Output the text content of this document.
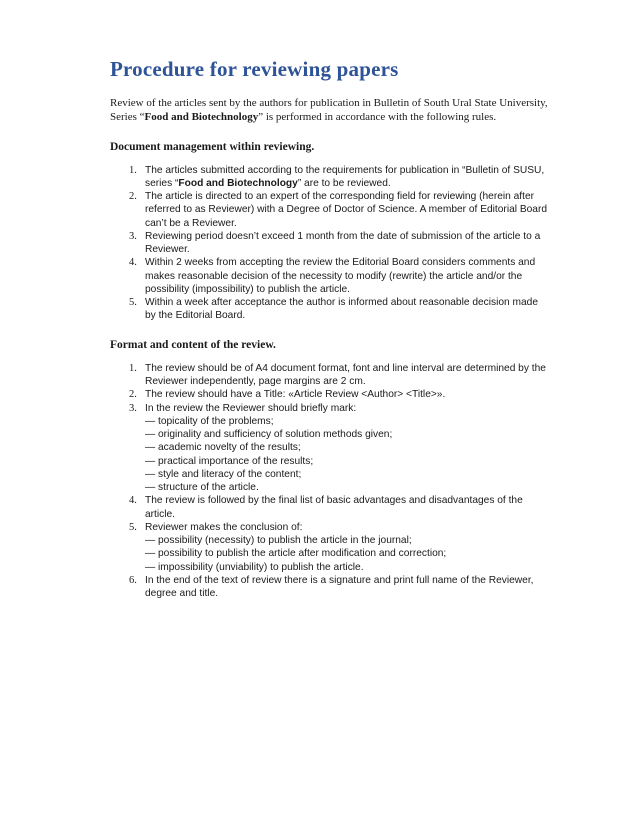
Procedure for reviewing papers

Review of the articles sent by the authors for publication in Bulletin of South Ural State University, Series “Food and Biotechnology” is performed in accordance with the following rules.

Document management within reviewing.
1. The articles submitted according to the requirements for publication in “Bulletin of SUSU, series “Food and Biotechnology” are to be reviewed.
2. The article is directed to an expert of the corresponding field for reviewing (herein after referred to as Reviewer) with a Degree of Doctor of Science. A member of Editorial Board can’t be a Reviewer.
3. Reviewing period doesn’t exceed 1 month from the date of submission of the article to a Reviewer.
4. Within 2 weeks from accepting the review the Editorial Board considers comments and makes reasonable decision of the necessity to modify (rewrite) the article and/or the possibility (impossibility) to publish the article.
5. Within a week after acceptance the author is informed about reasonable decision made by the Editorial Board.
Format and content of the review.
1. The review should be of A4 document format, font and line interval are determined by the Reviewer independently, page margins are 2 cm.
2. The review should have a Title: «Article Review <Author> <Title>».
3. In the review the Reviewer should briefly mark:
— topicality of the problems;
— originality and sufficiency of solution methods given;
— academic novelty of the results;
— practical importance of the results;
— style and literacy of the content;
— structure of the article.
4. The review is followed by the final list of basic advantages and disadvantages of the article.
5. Reviewer makes the conclusion of:
— possibility (necessity) to publish the article in the journal;
— possibility to publish the article after modification and correction;
— impossibility (unviability) to publish the article.
6. In the end of the text of review there is a signature and print full name of the Reviewer, degree and title.
